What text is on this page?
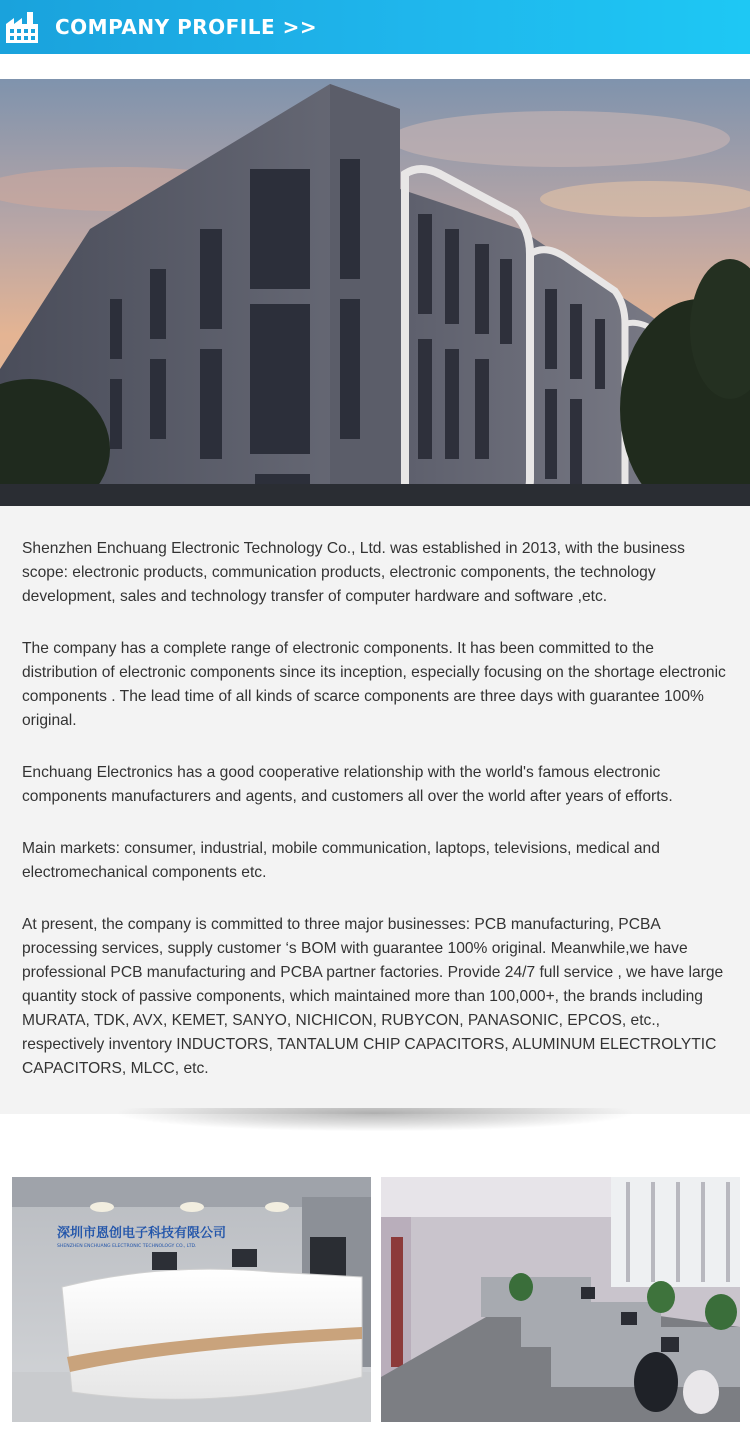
COMPANY PROFILE >>

Shenzhen Enchuang Electronic Technology Co., Ltd. was established in 2013, with the business scope: electronic products, communication products, electronic components, the technology development, sales and technology transfer of computer hardware and software ,etc.

The company has a complete range of electronic components. It has been committed to the distribution of electronic components since its inception, especially focusing on the shortage electronic components . The lead time of all kinds of scarce components are three days with guarantee 100% original.

Enchuang Electronics has a good cooperative relationship with the world's famous electronic components manufacturers and agents, and customers all over the world after years of efforts.

Main markets: consumer, industrial, mobile communication, laptops, televisions, medical and electromechanical components etc.

At present, the company is committed to three major businesses: PCB manufacturing, PCBA processing services, supply customer ‘s BOM with guarantee 100% original. Meanwhile,we have professional PCB manufacturing and PCBA partner factories. Provide 24/7 full service , we have large quantity stock of passive components, which maintained more than 100,000+, the brands including MURATA, TDK, AVX, KEMET, SANYO, NICHICON, RUBYCON, PANASONIC, EPCOS, etc., respectively inventory INDUCTORS, TANTALUM CHIP CAPACITORS, ALUMINUM ELECTROLYTIC CAPACITORS, MLCC, etc.

深圳市恩创电子科技有限公司
SHENZHEN ENCHUANG ELECTRONIC TECHNOLOGY CO., LTD.
